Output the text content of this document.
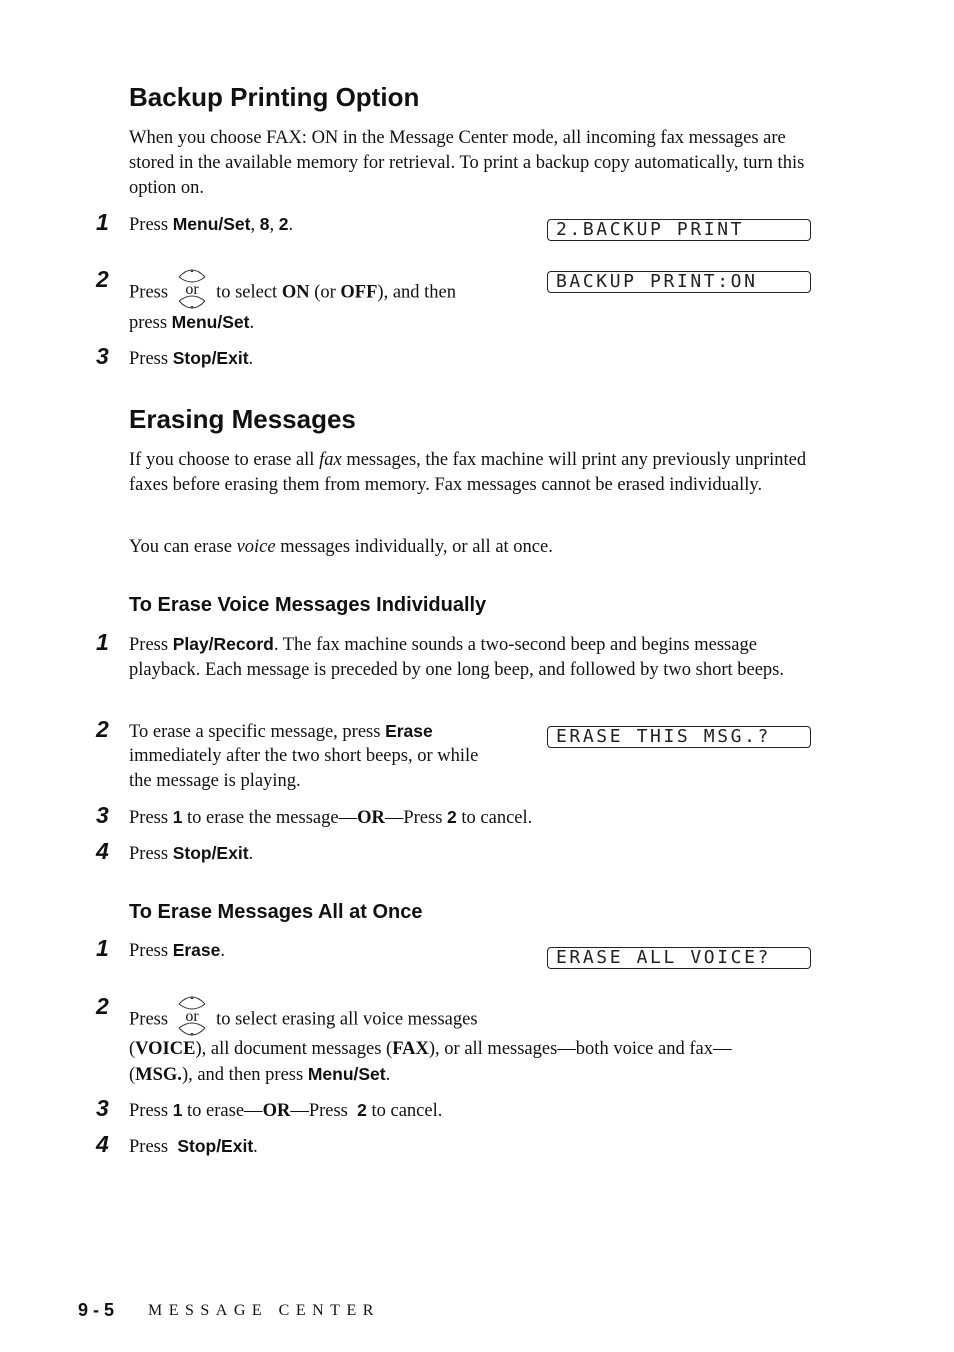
Backup Printing Option

When you choose FAX: ON in the Message Center mode, all incoming fax messages are stored in the available memory for retrieval. To print a backup copy automatically, turn this option on.

1 Press Menu/Set, 8, 2.	2.BACKUP PRINT
2
Press
▲
▼
or to select ON (or OFF), and then
press Menu/Set.
BACKUP PRINT:ON
3 Press Stop/Exit.
Erasing Messages

If you choose to erase all fax messages, the fax machine will print any previously unprinted faxes before erasing them from memory. Fax messages cannot be erased individually.

You can erase voice messages individually, or all at once.

To Erase Voice Messages Individually
1 Press Play/Record. The fax machine sounds a two-second beep and begins message playback. Each message is preceded by one long beep, and followed by two short beeps.

2 To erase a specific message, press Erase
immediately after the two short beeps, or while
the message is playing.
ERASE THIS MSG.?
3 Press 1 to erase the message—OR—Press 2 to cancel.
4 Press Stop/Exit.
To Erase Messages All at Once
1 Press Erase.	ERASE ALL VOICE?
2
Press
▲
▼
or to select erasing all voice messages
(VOICE), all document messages (FAX), or all messages—both voice and fax—
(MSG.), and then press Menu/Set.
3 Press 1 to erase—OR—Press  2 to cancel.
4 Press  Stop/Exit.
9 - 5 MESSAGE CENTER
